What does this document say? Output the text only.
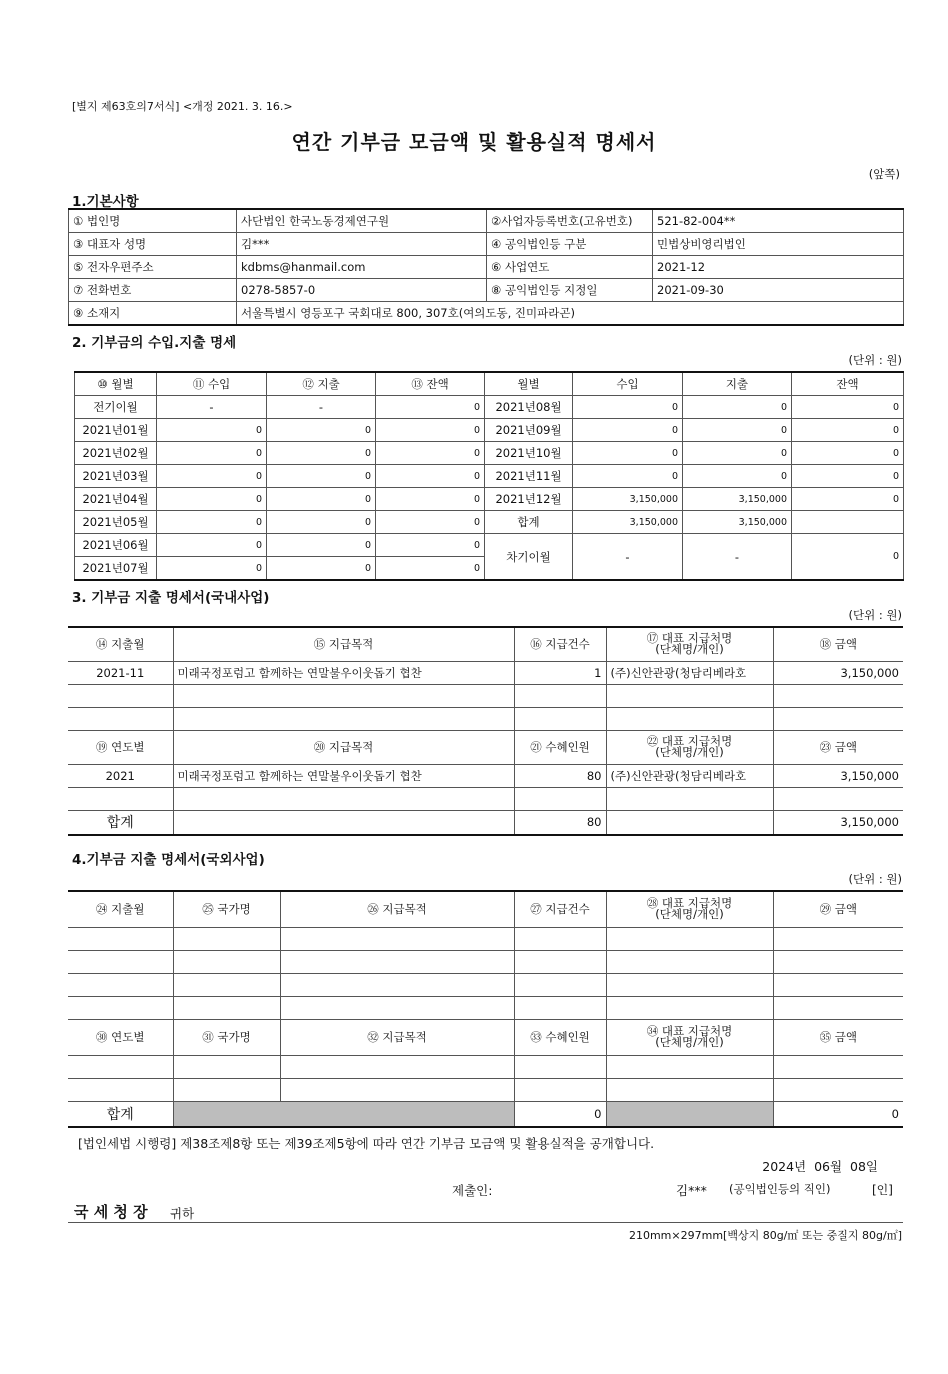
[별지 제63호의7서식] <개정 2021. 3. 16.>
연간 기부금 모금액 및 활용실적 명세서
(앞쪽)
1.기본사항
① 법인명	사단법인 한국노동경제연구원	②사업자등록번호(고유번호)	521-82-004**
③ 대표자 성명	김***	④ 공익법인등 구분	민법상비영리법인
⑤ 전자우편주소	kdbms@hanmail.com	⑥ 사업연도	2021-12
⑦ 전화번호	0278-5857-0	⑧ 공익법인등 지정일	2021-09-30
⑨ 소재지	서울특별시 영등포구 국회대로 800, 307호(여의도동, 진미파라곤)		
2. 기부금의 수입.지출 명세
(단위 : 원)
⑩ 월별	⑪ 수입	⑫ 지출	⑬ 잔액	월별	수입	지출	잔액
전기이월	-	-	0	2021년08월	0	0	0
2021년01월	0	0	0	2021년09월	0	0	0
2021년02월	0	0	0	2021년10월	0	0	0
2021년03월	0	0	0	2021년11월	0	0	0
2021년04월	0	0	0	2021년12월	3,150,000	3,150,000	0
2021년05월	0	0	0	합계	3,150,000	3,150,000	
2021년06월	0	0	0	차기이월	-	-	0
2021년07월	0	0	0				
3. 기부금 지출 명세서(국내사업)
(단위 : 원)
⑭ 지출월	⑮ 지급목적	⑯ 지급건수	⑰ 대표 지급처명
(단체명/개인)	⑱ 금액
2021-11	미래국정포럼고 함께하는 연말불우이웃돕기 협찬	1	(주)신안관광(청담리베라호	3,150,000

⑲ 연도별	⑳ 지급목적	㉑ 수혜인원	㉒ 대표 지급처명
(단체명/개인)	㉓ 금액
2021	미래국정포럼고 함께하는 연말불우이웃돕기 협찬	80	(주)신안관광(청담리베라호	3,150,000

합계		80		3,150,000
4.기부금 지출 명세서(국외사업)
(단위 : 원)
㉔ 지출월	㉕ 국가명	㉖ 지급목적	㉗ 지급건수	㉘ 대표 지급처명
(단체명/개인)	㉙ 금액

㉚ 연도별	㉛ 국가명	㉜ 지급목적	㉝ 수혜인원	㉞ 대표 지급처명
(단체명/개인)	㉟ 금액

합계			0		0
[법인세법 시행령] 제38조제8항 또는 제39조제5항에 따라 연간 기부금 모금액 및 활용실적을 공개합니다.
2024년  06월  08일
제출인:	김*** (공익법인등의 직인)	[인]
국 세 청 장 귀하
210mm×297mm[백상지 80g/㎡ 또는 중질지 80g/㎡]
